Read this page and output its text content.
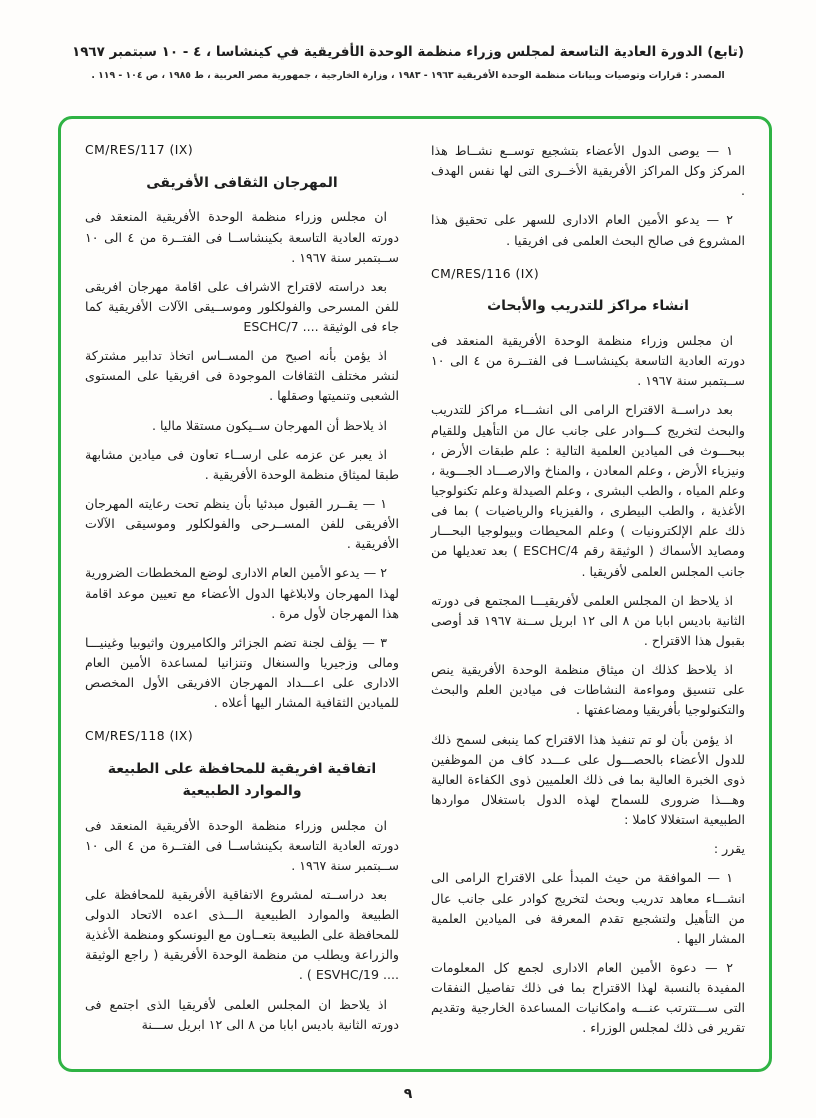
(تابع) الدورة العادية التاسعة لمجلس وزراء منظمة الوحدة الأفريقية في كينشاسا ، ٤ - ١٠ سبتمبر ١٩٦٧
المصدر : قرارات وتوصيات وبيانات منظمة الوحدة الأفريقية ١٩٦٣ - ١٩٨٣ ، وزارة الخارجية ، جمهورية مصر العربية ، ط ١٩٨٥ ، ص ١٠٤ - ١١٩ .

١ — يوصى الدول الأعضاء بتشجيع توســع نشــاط هذا المركز وكل المراكز الأفريقية الأخــرى التى لها نفس الهدف .

٢ — يدعو الأمين العام الادارى للسهر على تحقيق هذا المشروع فى صالح البحث العلمى فى افريقيا .

CM/RES/116 (IX)
انشاء مراكز للتدريب والأبحاث

ان مجلس وزراء منظمة الوحدة الأفريقية المنعقد فى دورته العادية التاسعة بكينشاســا فى الفتــرة من ٤ الى ١٠ ســبتمبر سنة ١٩٦٧ .

بعد دراســة الاقتراح الرامى الى انشـــاء مراكز للتدريب والبحث لتخريج كـــوادر على جانب عال من التأهيل وللقيام ببحـــوث فى الميادين العلمية التالية : علم طبقات الأرض ، ونيزياء الأرض ، وعلم المعادن ، والمناخ والارصـــاد الجـــوية ، وعلم المياه ، والطب البشرى ، وعلم الصيدلة وعلم تكنولوجيا الأغذية ، والطب البيطرى ، والفيزياء والرياضيات ) بما فى ذلك علم الإلكترونيات ) وعلم المحيطات وبيولوجيا البحـــار ومصايد الأسماك ( الوثيقة رقم ESCHC/4 ) بعد تعديلها من جانب المجلس العلمى لأفريقيا .

اذ يلاحظ ان المجلس العلمى لأفريقيـــا المجتمع فى دورته الثانية باديس ابابا من ٨ الى ١٢ ابريل ســنة ١٩٦٧ قد أوصى بقبول هذا الاقتراح .

اذ يلاحظ كذلك ان ميثاق منظمة الوحدة الأفريقية ينص على تنسيق ومواءمة النشاطات فى ميادين العلم والبحث والتكنولوجيا بأفريقيا ومضاعفتها .

اذ يؤمن بأن لو تم تنفيذ هذا الاقتراح كما ينبغى لسمح ذلك للدول الأعضاء بالحصـــول على عـــدد كاف من الموظفين ذوى الخبرة العالية بما فى ذلك العلميين ذوى الكفاءة العالية وهـــذا ضرورى للسماح لهذه الدول باستغلال مواردها الطبيعية استغلالا كاملا :

يقرر :

١ — الموافقة من حيث المبدأ على الاقتراح الرامى الى انشـــاء معاهد تدريب وبحث لتخريج كوادر على جانب عال من التأهيل ولتشجيع تقدم المعرفة فى الميادين العلمية المشار اليها .

٢ — دعوة الأمين العام الادارى لجمع كل المعلومات المفيدة بالنسبة لهذا الاقتراح بما فى ذلك تفاصيل النفقات التى ســـتترتب عنـــه وامكانيات المساعدة الخارجية وتقديم تقرير فى ذلك لمجلس الوزراء .

CM/RES/117 (IX)
المهرجان الثقافى الأفريقى

ان مجلس وزراء منظمة الوحدة الأفريقية المنعقد فى دورته العادية التاسعة بكينشاســا فى الفتــرة من ٤ الى ١٠ ســبتمبر سنة ١٩٦٧ .

بعد دراسته لاقتراح الاشراف على اقامة مهرجان افريقى للفن المسرحى والفولكلور وموســيقى الآلات الأفريقية كما جاء فى الوثيقة .... ESCHC/7

اذ يؤمن بأنه اصبح من المســاس اتخاذ تدابير مشتركة لنشر مختلف الثقافات الموجودة فى افريقيا على المستوى الشعبى وتنميتها وصقلها .

اذ يلاحظ أن المهرجان ســيكون مستقلا ماليا .

اذ يعبر عن عزمه على ارســاء تعاون فى ميادين مشابهة طبقا لميثاق منظمة الوحدة الأفريقية .

١ — يقــرر القبول مبدئيا بأن ينظم تحت رعايته المهرجان الأفريقى للفن المســرحى والفولكلور وموسيقى الآلات الأفريقية .

٢ — يدعو الأمين العام الادارى لوضع المخططات الضرورية لهذا المهرجان ولابلاغها الدول الأعضاء مع تعيين موعد اقامة هذا المهرجان لأول مرة .

٣ — يؤلف لجنة تضم الجزائر والكاميرون واثيوبيا وغينيـــا ومالى وزجيريا والسنغال وتنزانيا لمساعدة الأمين العام الادارى على اعـــداد المهرجان الافريقى الأول المخصص للميادين الثقافية المشار اليها أعلاه .

CM/RES/118 (IX)
اتفاقية افريقية للمحافظة على الطبيعة والموارد الطبيعية

ان مجلس وزراء منظمة الوحدة الأفريقية المنعقد فى دورته العادية التاسعة بكينشاســا فى الفتــرة من ٤ الى ١٠ ســبتمبر سنة ١٩٦٧ .

بعد دراســته لمشروع الاتفاقية الأفريقية للمحافظة على الطبيعة والموارد الطبيعية الـــذى اعده الاتحاد الدولى للمحافظة على الطبيعة بتعــاون مع اليونسكو ومنظمة الأغذية والزراعة ويطلب من منظمة الوحدة الأفريقية ( راجع الوثيقة .... ESVHC/19 ) .

اذ يلاحظ ان المجلس العلمى لأفريقيا الذى اجتمع فى دورته الثانية باديس ابابا من ٨ الى ١٢ ابريل ســـنة

٩
